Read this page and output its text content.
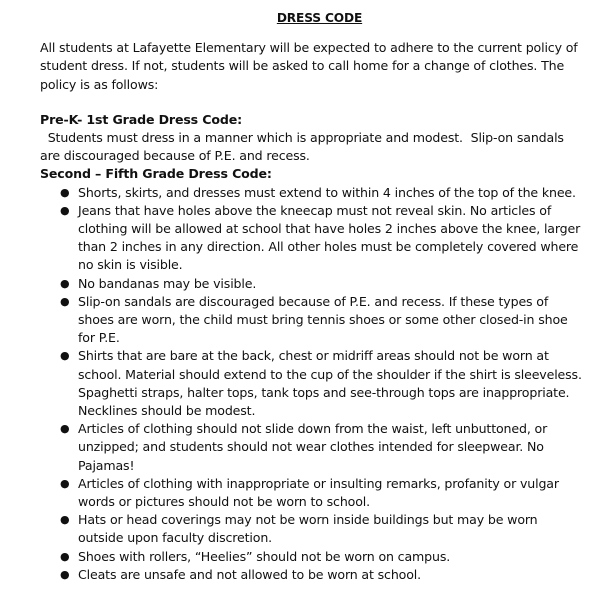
DRESS CODE
All students at Lafayette Elementary will be expected to adhere to the current policy of student dress. If not, students will be asked to call home for a change of clothes. The policy is as follows:
Pre-K- 1st Grade Dress Code:
Students must dress in a manner which is appropriate and modest.  Slip-on sandals are discouraged because of P.E. and recess.
Second – Fifth Grade Dress Code:
● Shorts, skirts, and dresses must extend to within 4 inches of the top of the knee.
● Jeans that have holes above the kneecap must not reveal skin. No articles of clothing will be allowed at school that have holes 2 inches above the knee, larger than 2 inches in any direction. All other holes must be completely covered where no skin is visible.
● No bandanas may be visible.
● Slip-on sandals are discouraged because of P.E. and recess. If these types of shoes are worn, the child must bring tennis shoes or some other closed-in shoe for P.E.
● Shirts that are bare at the back, chest or midriff areas should not be worn at school. Material should extend to the cup of the shoulder if the shirt is sleeveless. Spaghetti straps, halter tops, tank tops and see-through tops are inappropriate. Necklines should be modest.
● Articles of clothing should not slide down from the waist, left unbuttoned, or unzipped; and students should not wear clothes intended for sleepwear. No Pajamas!
● Articles of clothing with inappropriate or insulting remarks, profanity or vulgar words or pictures should not be worn to school.
● Hats or head coverings may not be worn inside buildings but may be worn outside upon faculty discretion.
● Shoes with rollers, “Heelies” should not be worn on campus.
● Cleats are unsafe and not allowed to be worn at school.
